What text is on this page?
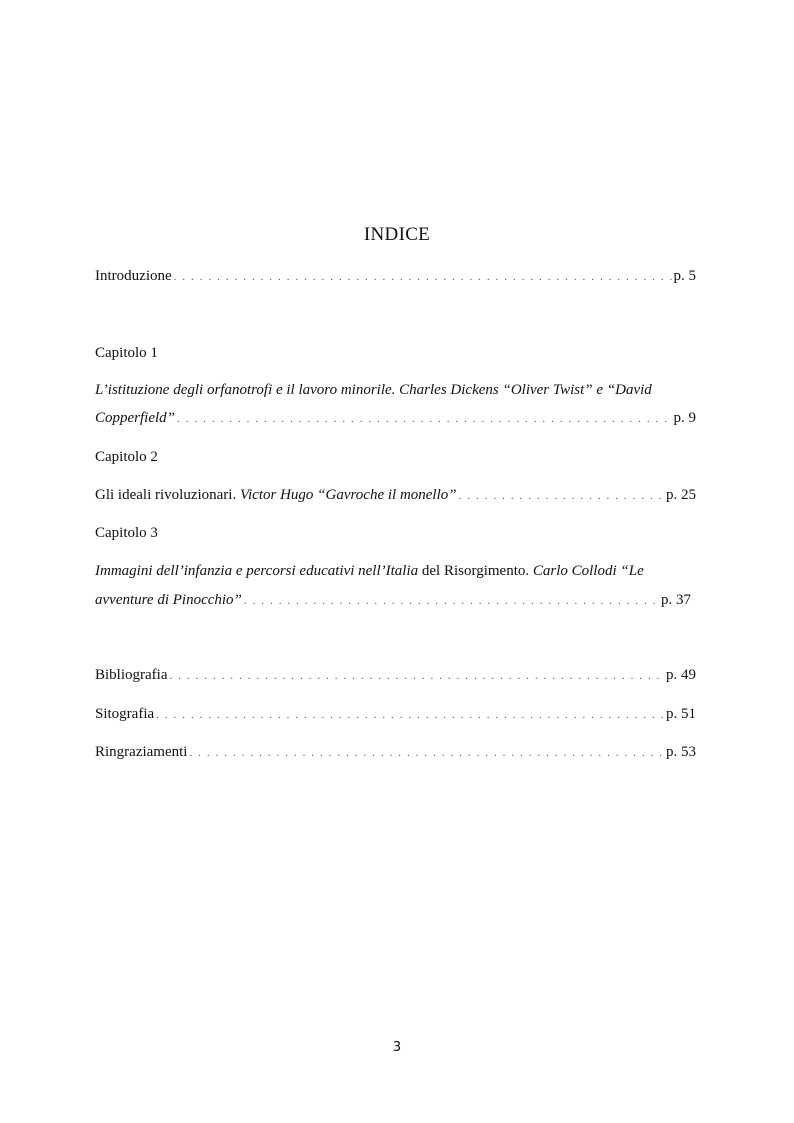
INDICE
Introduzione . . .	p. 5
Capitolo 1
L’istituzione degli orfanotrofi e il lavoro minorile. Charles Dickens “Oliver Twist” e “David
Copperfield” . . .	p. 9
Capitolo 2
Gli ideali rivoluzionari. Victor Hugo “Gavroche il monello” . . .	p. 25
Capitolo 3
Immagini dell’infanzia e percorsi educativi nell’Italia del Risorgimento. Carlo Collodi “Le
avventure di Pinocchio” . . .	p. 37
Bibliografia . . .	p. 49
Sitografia . . .	p. 51
Ringraziamenti . . .	p. 53
3
